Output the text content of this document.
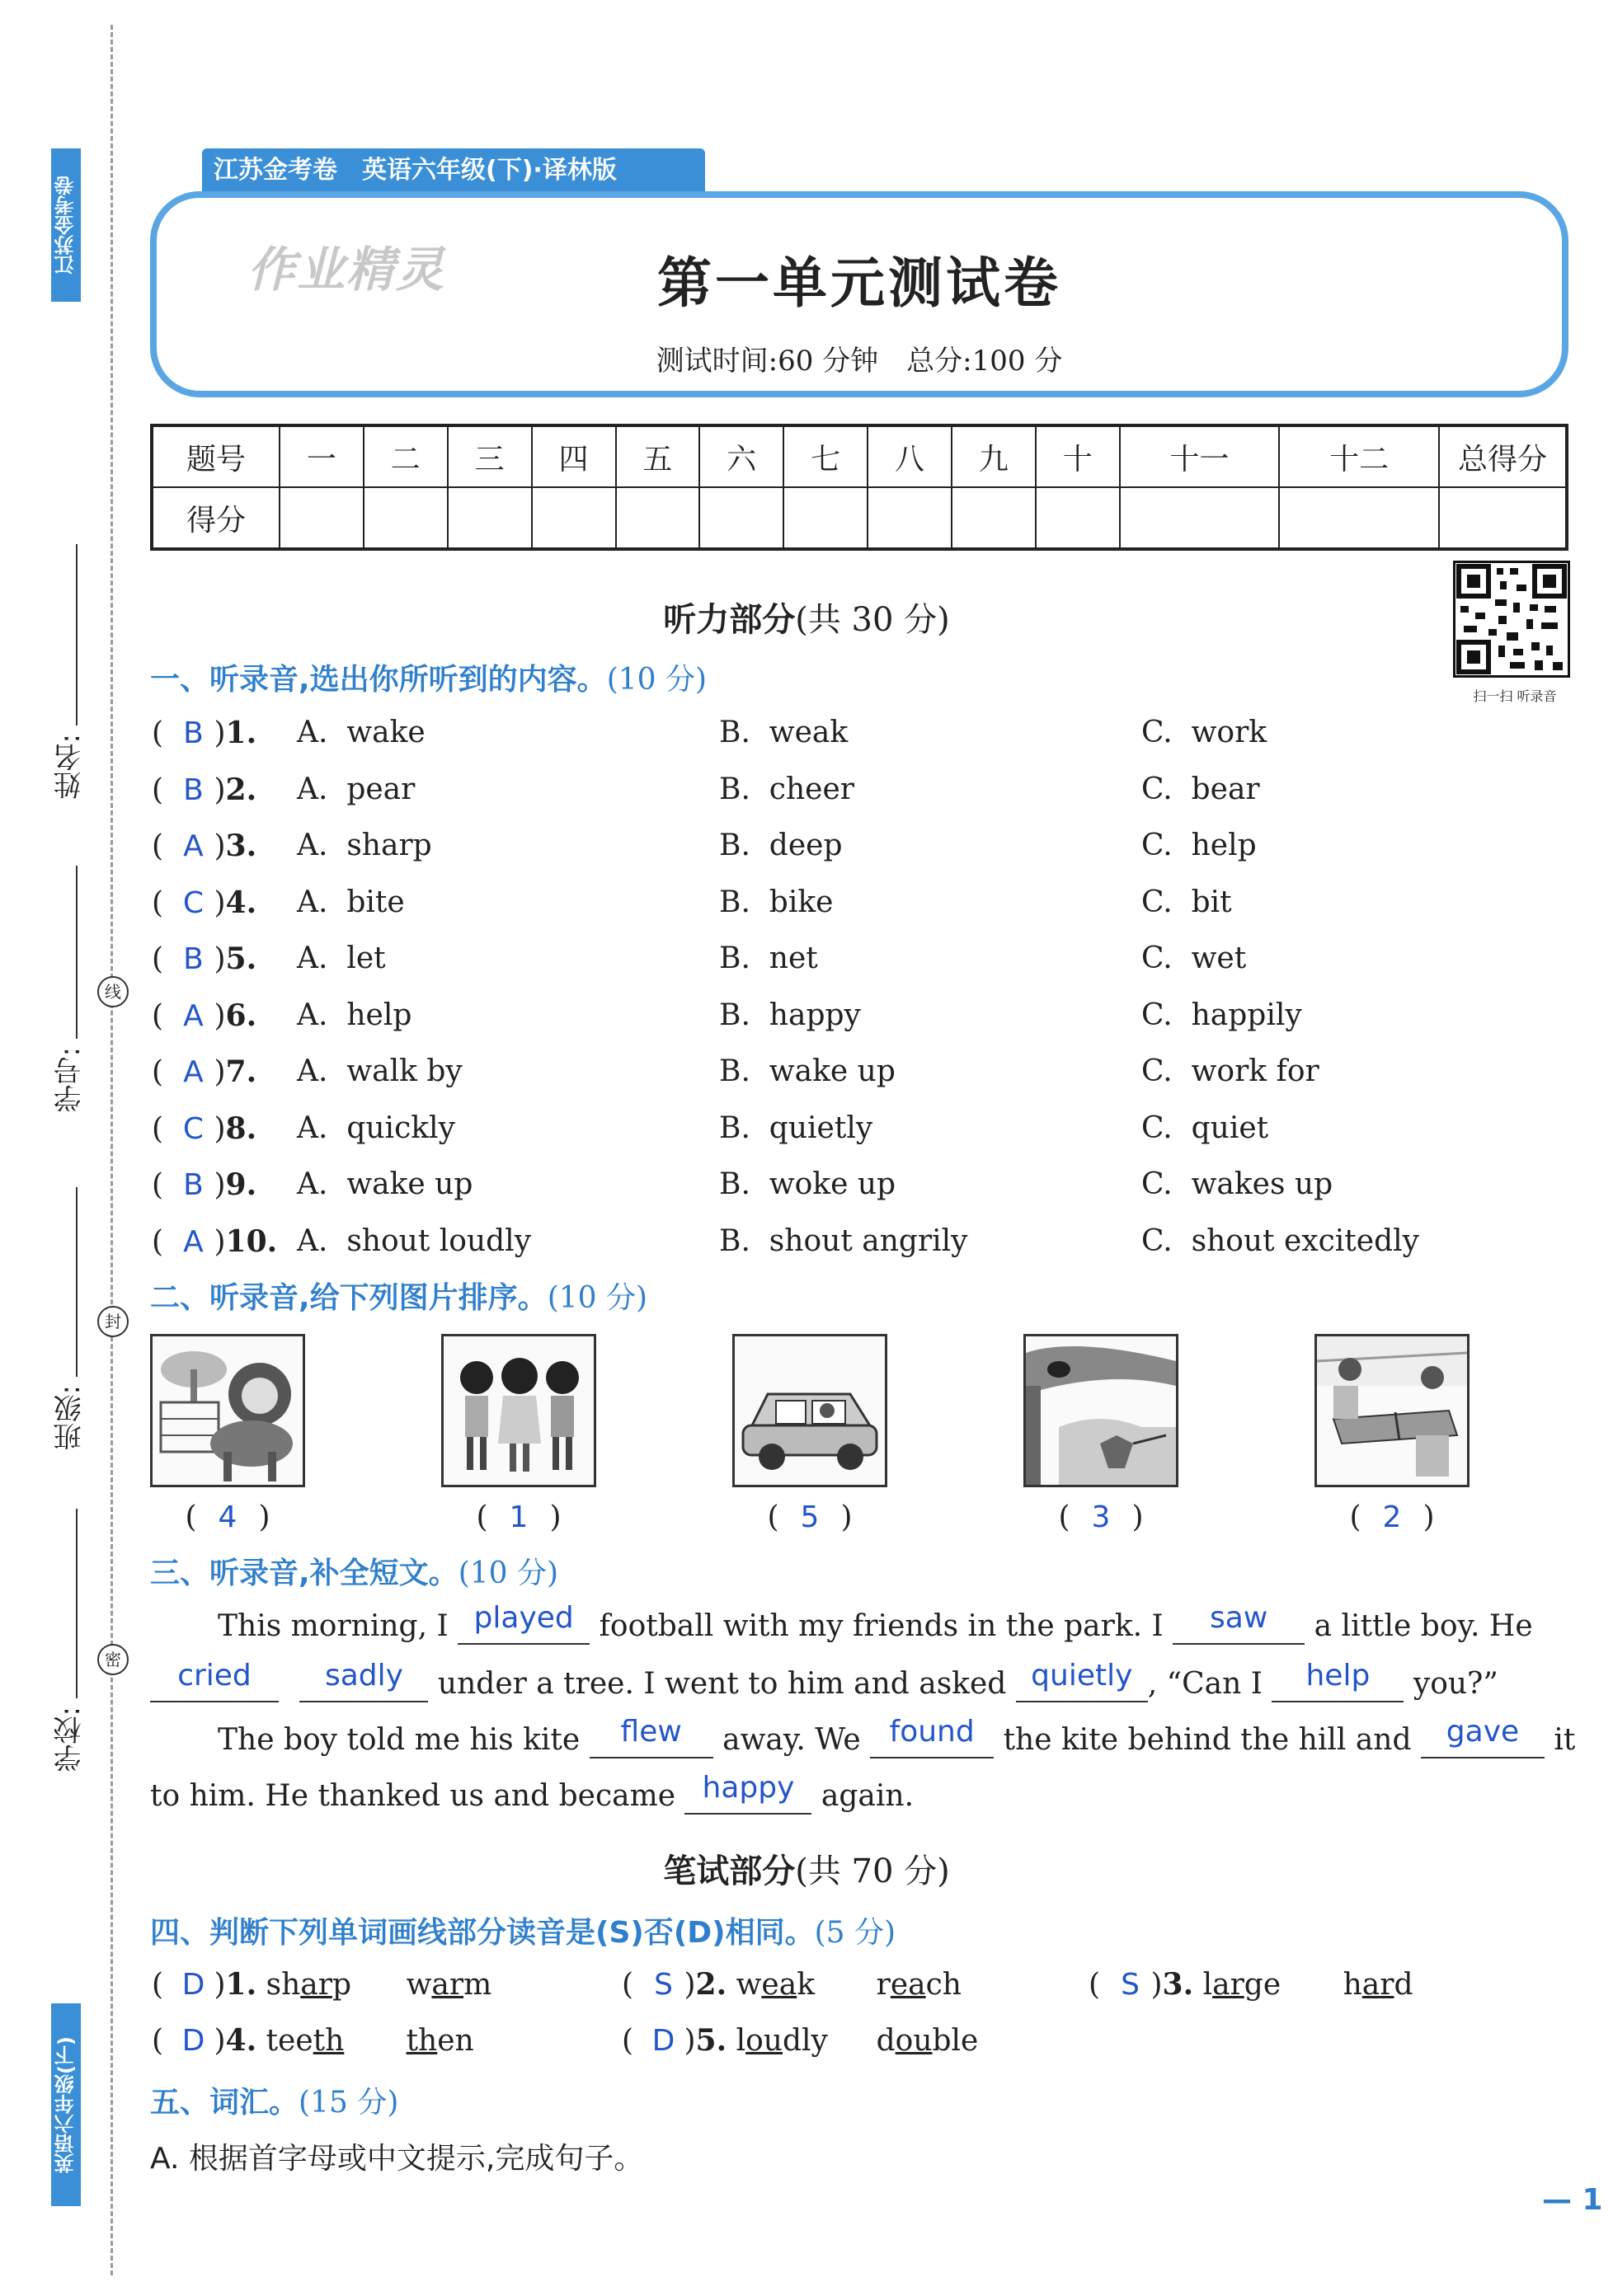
江苏金考卷
英语六年级(下)
姓名:
学号:
班级:
学校:
线
封
密
江苏金考卷　英语六年级(下)·译林版
作业精灵	第一单元测试卷
测试时间:60 分钟　总分:100 分
题号	一	二	三	四	五	六	七	八	九	十	十一	十二	总得分
得分													
扫一扫 听录音
听力部分(共 30 分)
一、听录音,选出你所听到的内容。(10 分)
( B )1. A.  wake	B.  weak	C.  work
( B )2. A.  pear	B.  cheer	C.  bear
( A )3. A.  sharp	B.  deep	C.  help
( C )4. A.  bite	B.  bike	C.  bit
( B )5. A.  let	B.  net	C.  wet
( A )6. A.  help	B.  happy	C.  happily
( A )7. A.  walk by	B.  wake up	C.  work for
( C )8. A.  quickly	B.  quietly	C.  quiet
( B )9. A.  wake up	B.  woke up	C.  wakes up
( A )10. A.  shout loudly	B.  shout angrily	C.  shout excitedly
二、听录音,给下列图片排序。(10 分)
( 4 )	( 1 )	( 5 )	( 3 )	( 2 )
三、听录音,补全短文。(10 分)
This morning, I played football with my friends in the park. I saw a little boy. He
cried sadly under a tree. I went to him and asked quietly , “Can I help you?”
The boy told me his kite flew away. We found the kite behind the hill and gave it
to him. He thanked us and became happy again.
笔试部分(共 70 分)
四、判断下列单词画线部分读音是(S)否(D)相同。(5 分)
( D )1. sharp warm	( S )2. weak reach	( S )3. large hard
( D )4. teeth then	( D )5. loudly double
五、词汇。(15 分)
A. 根据首字母或中文提示,完成句子。
— 1
